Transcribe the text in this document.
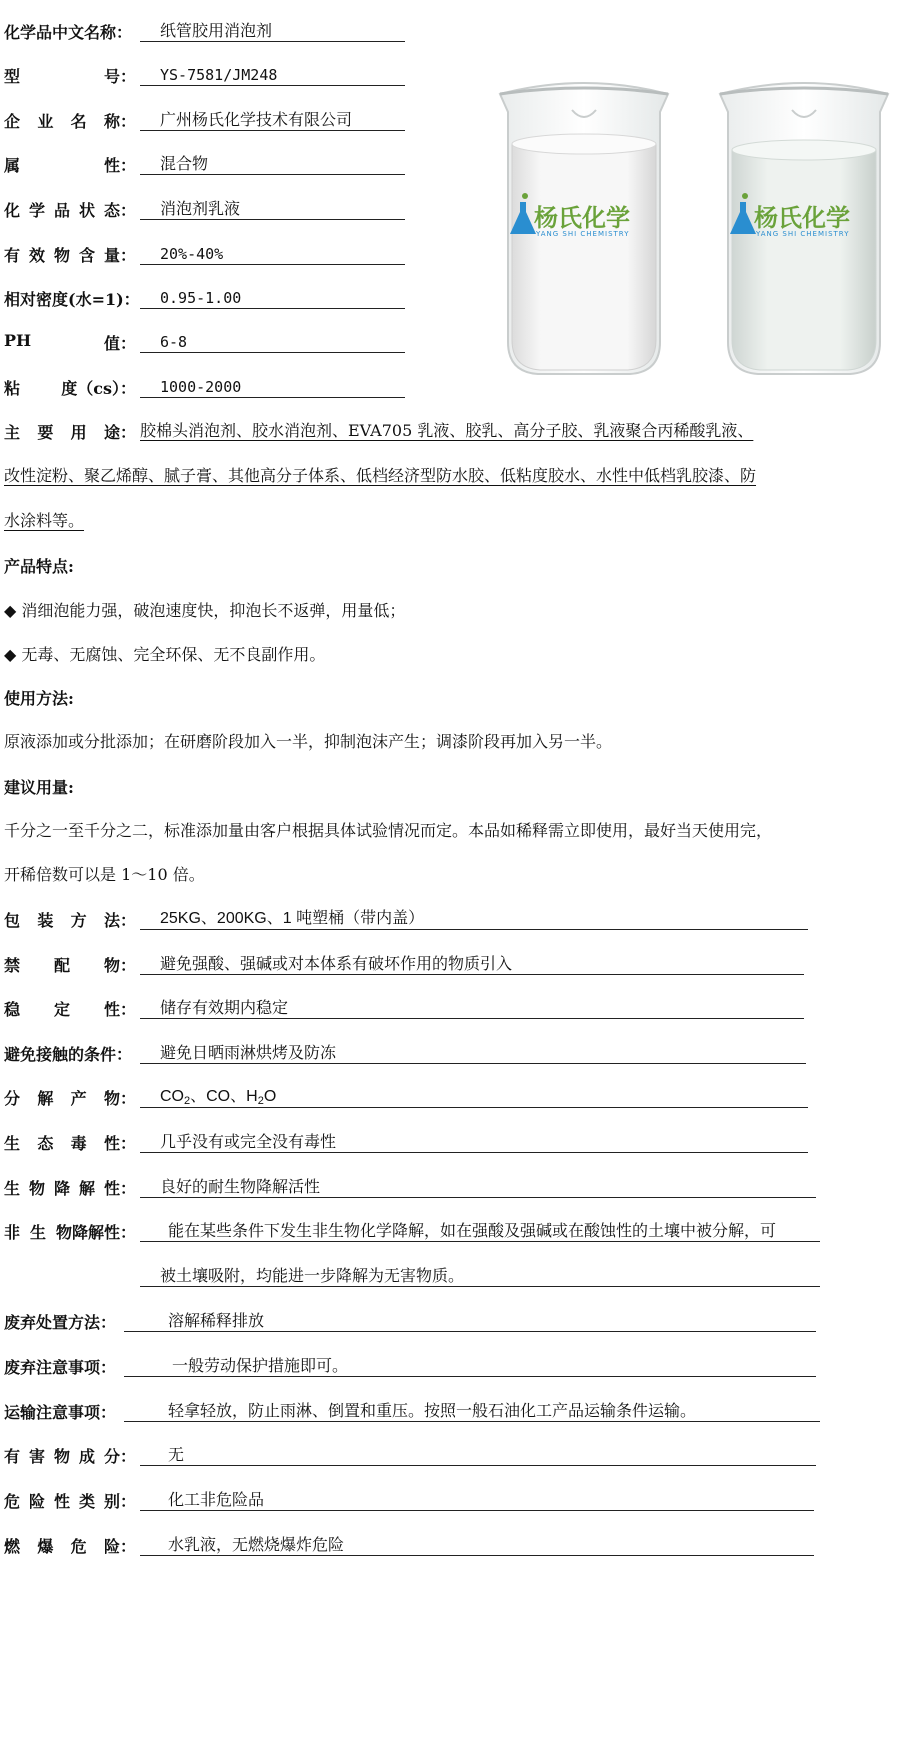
化学品中文名称：	纸管胶用消泡剂
型	号：	YS-7581/JM248
企 业 名 称：	广州杨氏化学技术有限公司
属	性：	混合物
化 学 品 状 态：	消泡剂乳液
有 效 物 含 量：	20%-40%
相对密度(水=1)：	0.95-1.00
PH	值：	6-8
粘	度（cs）：	1000-2000
杨氏化学
YANG SHI CHEMISTRY
杨氏化学
YANG SHI CHEMISTRY
主 要 用 途： 胶棉头消泡剂、胶水消泡剂、EVA705 乳液、胶乳、高分子胶、乳液聚合丙稀酸乳液、
改性淀粉、聚乙烯醇、腻子膏、其他高分子体系、低档经济型防水胶、低粘度胶水、水性中低档乳胶漆、防
水涂料等。
产品特点:
◆ 消细泡能力强，破泡速度快，抑泡长不返弹，用量低；
◆ 无毒、无腐蚀、完全环保、无不良副作用。
使用方法:
原液添加或分批添加；在研磨阶段加入一半，抑制泡沫产生；调漆阶段再加入另一半。
建议用量:
千分之一至千分之二，标准添加量由客户根据具体试验情况而定。本品如稀释需立即使用，最好当天使用完，
开稀倍数可以是 1～10 倍。
包 装 方 法：	25KG、200KG、1 吨塑桶（带内盖）
禁 配 物：	避免强酸、强碱或对本体系有破坏作用的物质引入
稳 定 性：	储存有效期内稳定
避免接触的条件：	避免日晒雨淋烘烤及防冻
分 解 产 物：	$CO_2$、CO、$H_2O$
生 态 毒 性：	几乎没有或完全没有毒性
生 物 降 解 性：	良好的耐生物降解活性
非 生 物降解性：	能在某些条件下发生非生物化学降解，如在强酸及强碱或在酸蚀性的土壤中被分解，可
被土壤吸附，均能进一步降解为无害物质。
废弃处置方法：	溶解稀释排放
废弃注意事项：	一般劳动保护措施即可。
运输注意事项：	轻拿轻放，防止雨淋、倒置和重压。按照一般石油化工产品运输条件运输。
有 害 物 成 分：	无
危 险 性 类 别：	化工非危险品
燃 爆 危 险：	水乳液，无燃烧爆炸危险
